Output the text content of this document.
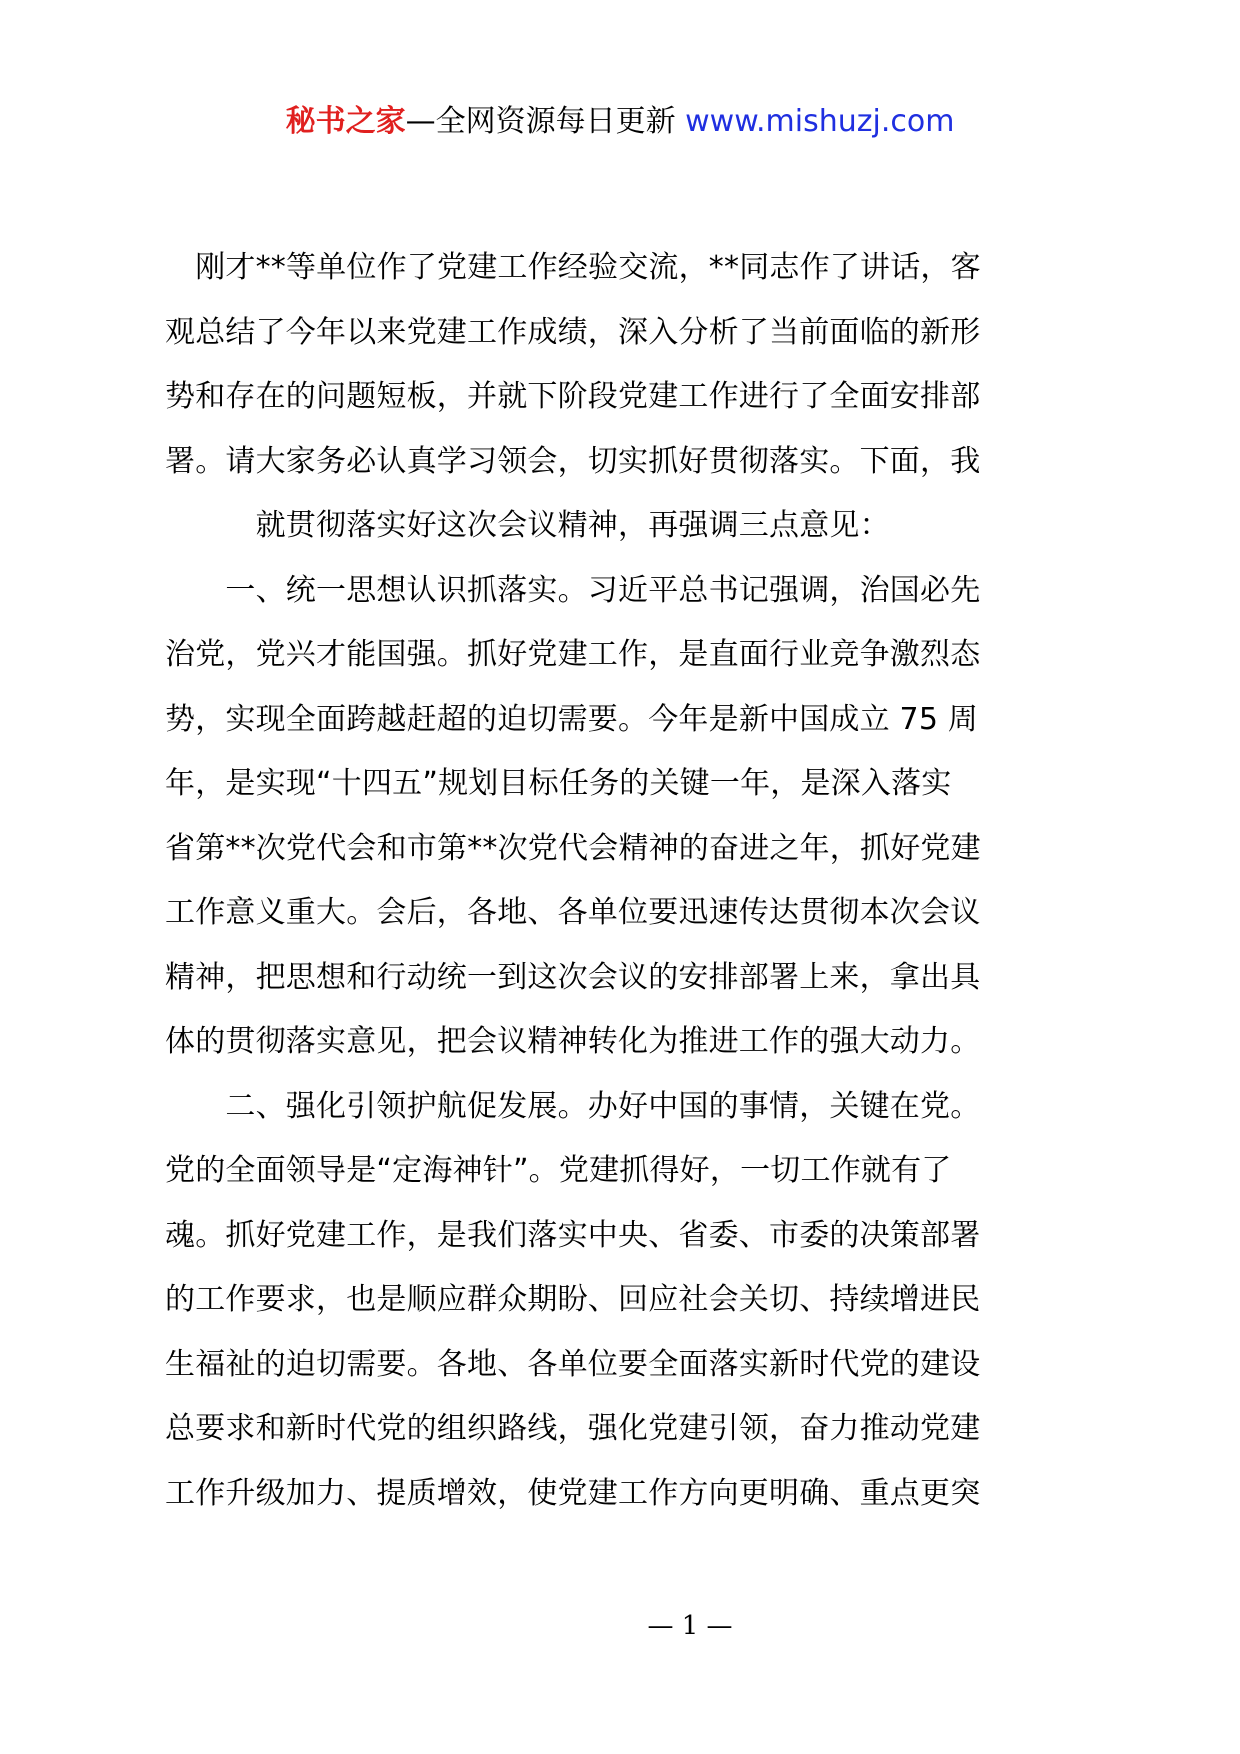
秘书之家—全网资源每日更新 www.mishuzj.com
　刚才**等单位作了党建工作经验交流，**同志作了讲话，客
观总结了今年以来党建工作成绩，深入分析了当前面临的新形
势和存在的问题短板，并就下阶段党建工作进行了全面安排部
署。请大家务必认真学习领会，切实抓好贯彻落实。下面，我
　　　就贯彻落实好这次会议精神，再强调三点意见：
　　一、统一思想认识抓落实。习近平总书记强调，治国必先
治党，党兴才能国强。抓好党建工作，是直面行业竞争激烈态
势，实现全面跨越赶超的迫切需要。今年是新中国成立 75 周
年，是实现“十四五”规划目标任务的关键一年，是深入落实
省第**次党代会和市第**次党代会精神的奋进之年，抓好党建
工作意义重大。会后，各地、各单位要迅速传达贯彻本次会议
精神，把思想和行动统一到这次会议的安排部署上来，拿出具
体的贯彻落实意见，把会议精神转化为推进工作的强大动力。
　　二、强化引领护航促发展。办好中国的事情，关键在党。
党的全面领导是“定海神针”。党建抓得好，一切工作就有了
魂。抓好党建工作，是我们落实中央、省委、市委的决策部署
的工作要求，也是顺应群众期盼、回应社会关切、持续增进民
生福祉的迫切需要。各地、各单位要全面落实新时代党的建设
总要求和新时代党的组织路线，强化党建引领，奋力推动党建
工作升级加力、提质增效，使党建工作方向更明确、重点更突
— 1 —
